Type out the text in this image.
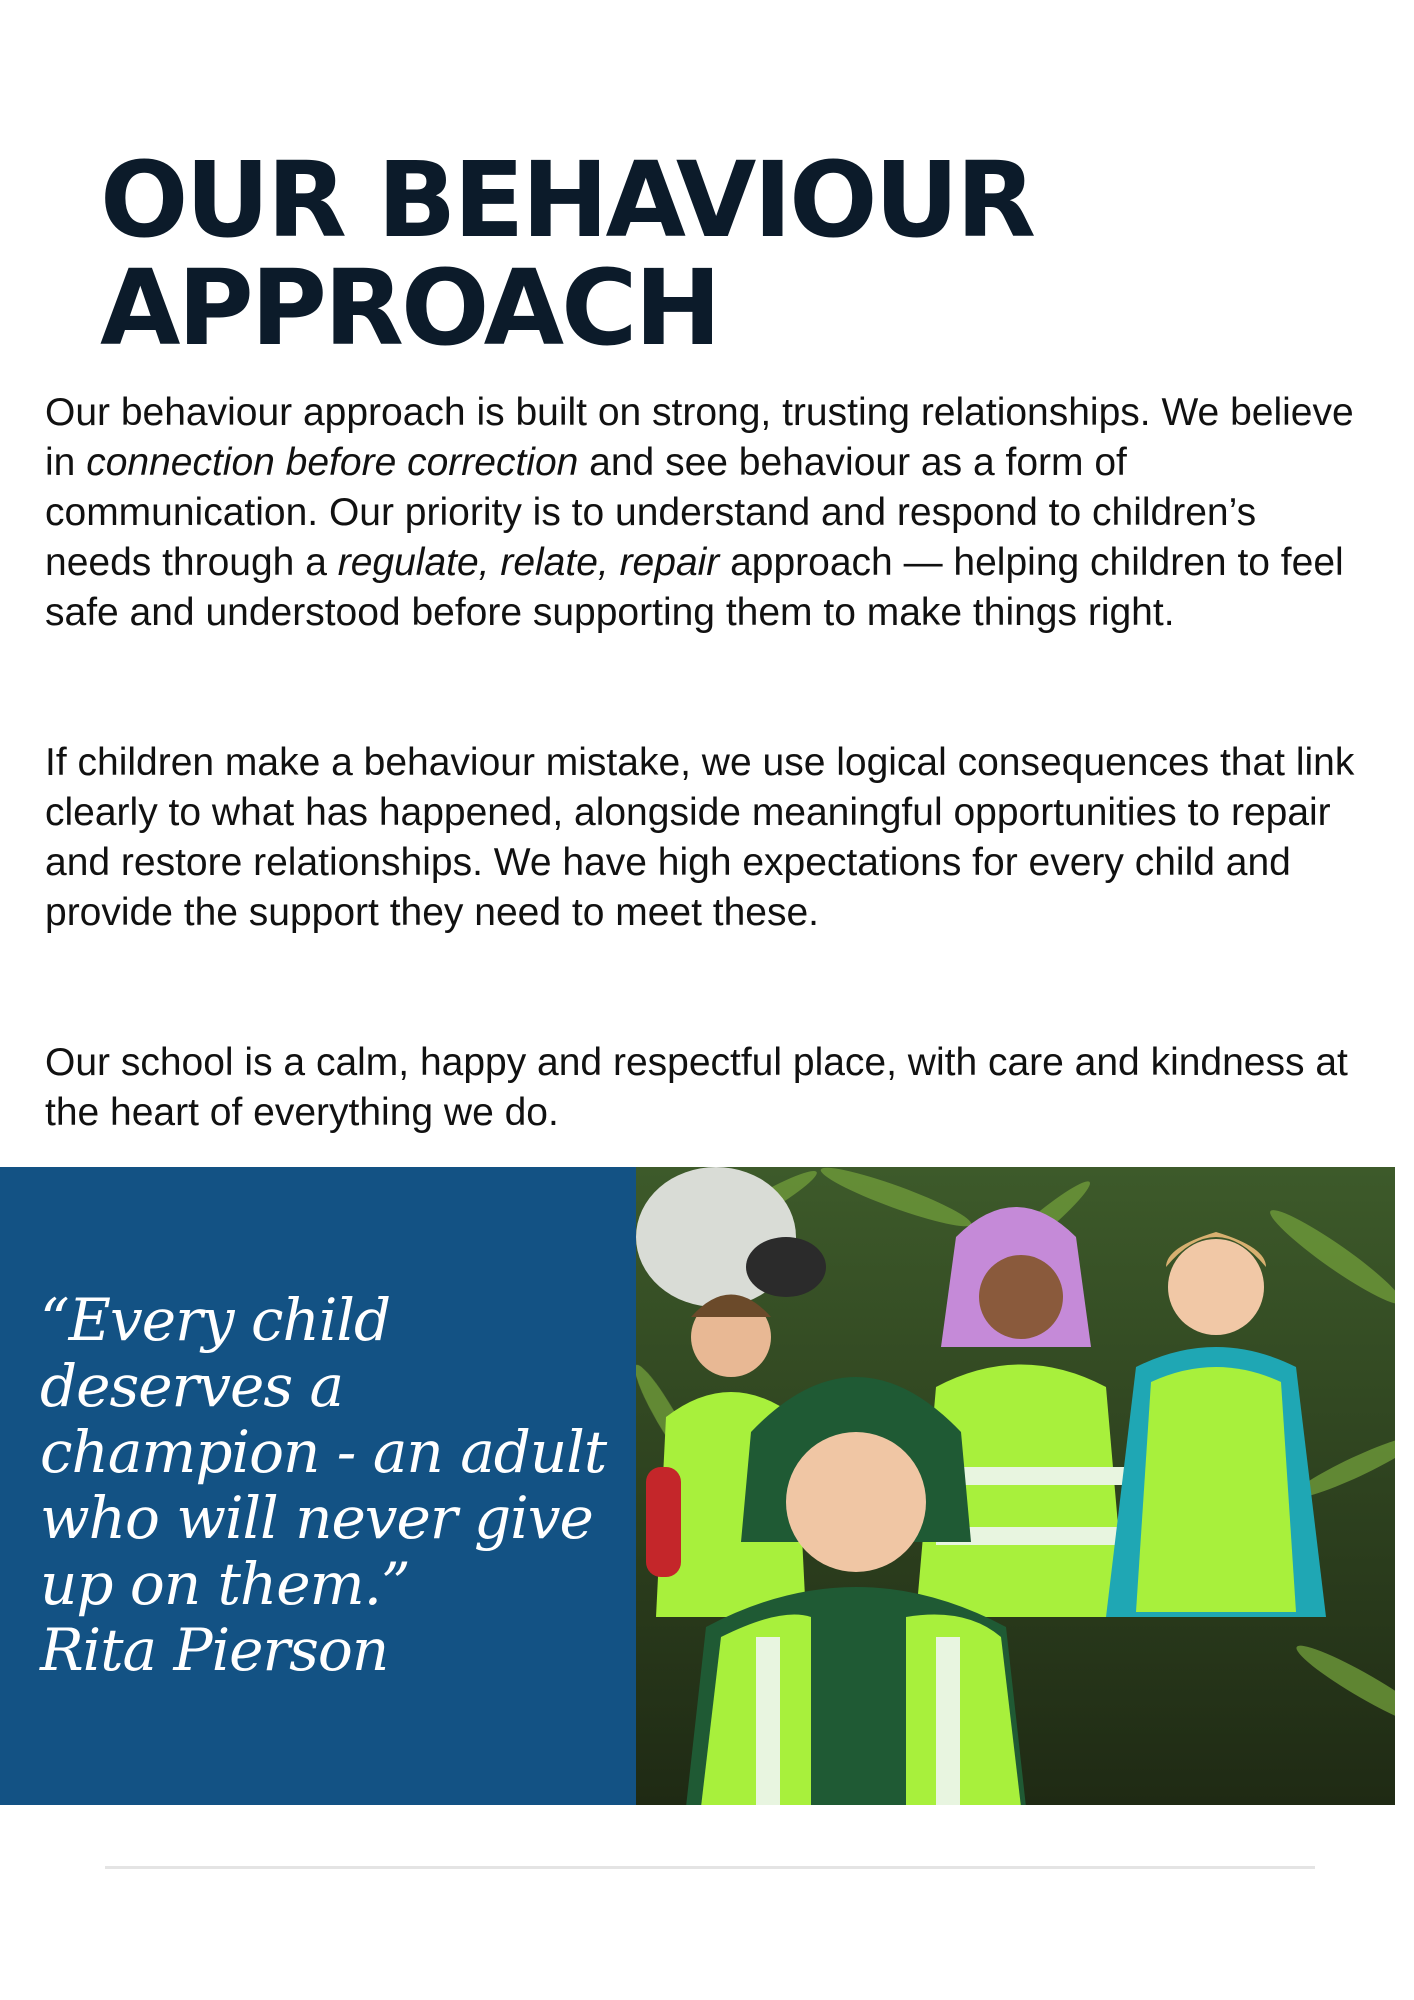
OUR BEHAVIOUR
APPROACH

Our behaviour approach is built on strong, trusting relationships. We believe in connection before correction and see behaviour as a form of communication. Our priority is to understand and respond to children’s needs through a regulate, relate, repair approach — helping children to feel safe and understood before supporting them to make things right.

If children make a behaviour mistake, we use logical consequences that link clearly to what has happened, alongside meaningful opportunities to repair and restore relationships. We have high expectations for every child and provide the support they need to meet these.

Our school is a calm, happy and respectful place, with care and kindness at the heart of everything we do.

“Every child deserves a champion - an adult who will never give up on them.”
Rita Pierson
